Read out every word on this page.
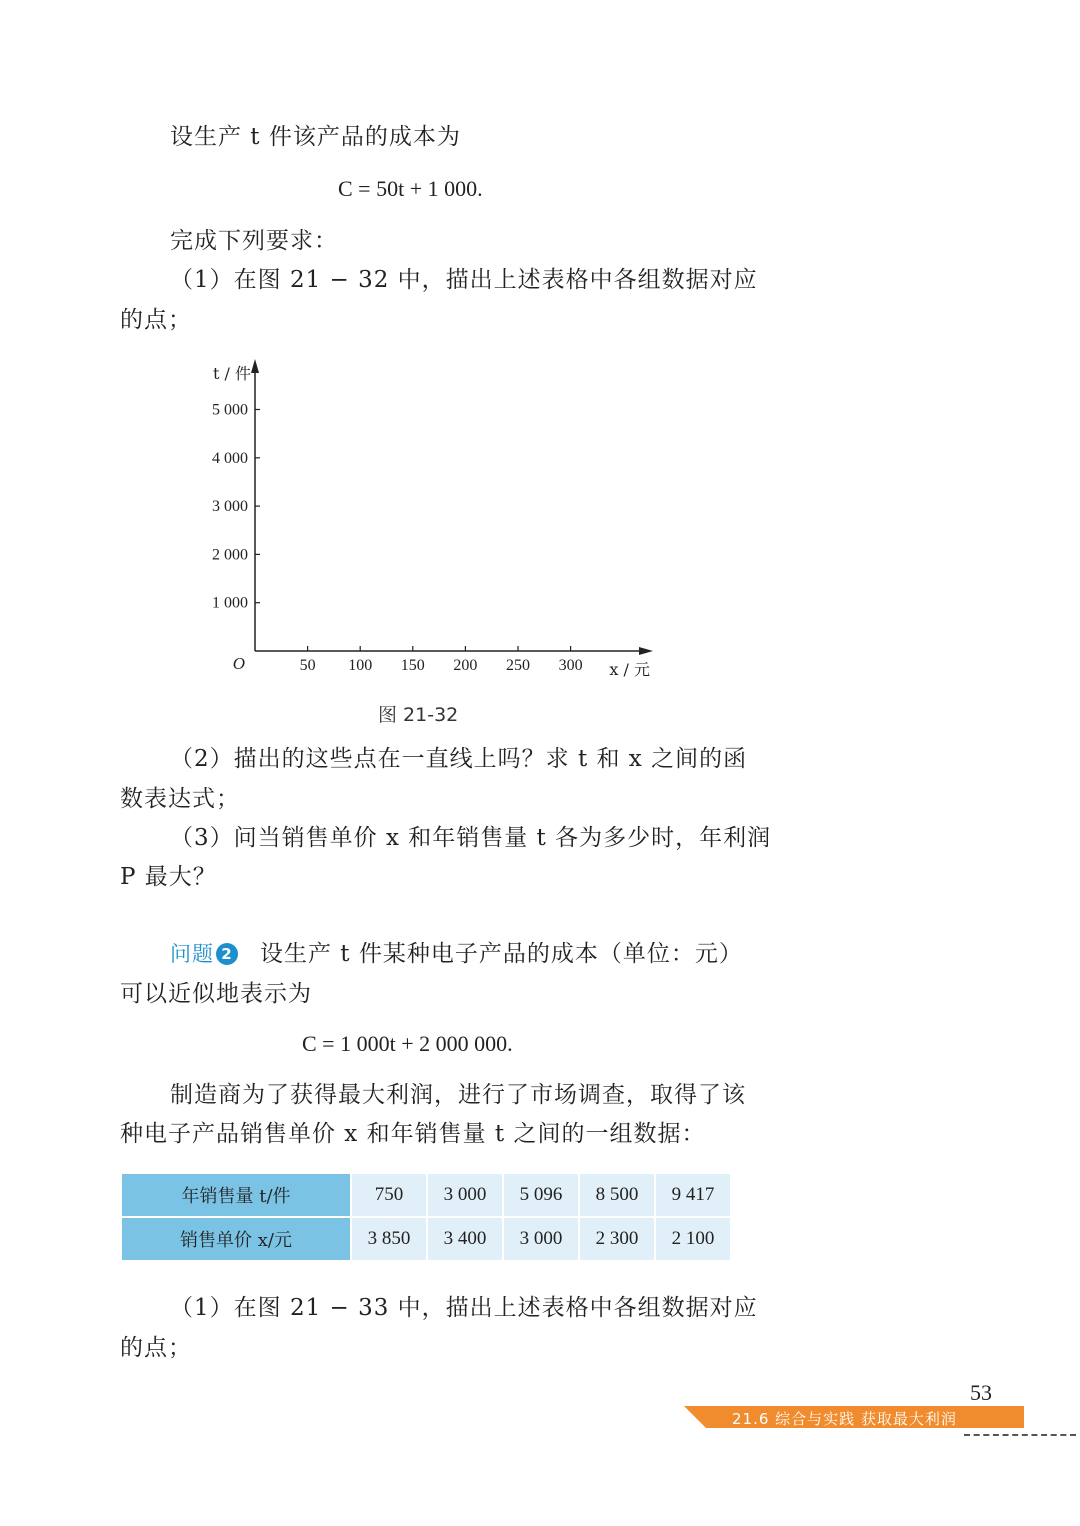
设生产 t 件该产品的成本为
C = 50t + 1 000.
完成下列要求：
（1）在图 21 − 32 中，描出上述表格中各组数据对应
的点；
50 100 150 200 250 300
1 000
2 000
3 000
4 000
5 000
O	x / 元
t / 件
图 21-32
（2）描出的这些点在一直线上吗？求 t 和 x 之间的函
数表达式；
（3）问当销售单价 x 和年销售量 t 各为多少时，年利润
P 最大？
问题 2 设生产 t 件某种电子产品的成本（单位：元）
可以近似地表示为
C = 1 000t + 2 000 000.
制造商为了获得最大利润，进行了市场调查，取得了该
种电子产品销售单价 x 和年销售量 t 之间的一组数据：
年销售量 t/件	750	3 000	5 096	8 500	9 417
销售单价 x/元	3 850	3 400	3 000	2 300	2 100
（1）在图 21 − 33 中，描出上述表格中各组数据对应
的点；
53
21.6 综合与实践 获取最大利润
